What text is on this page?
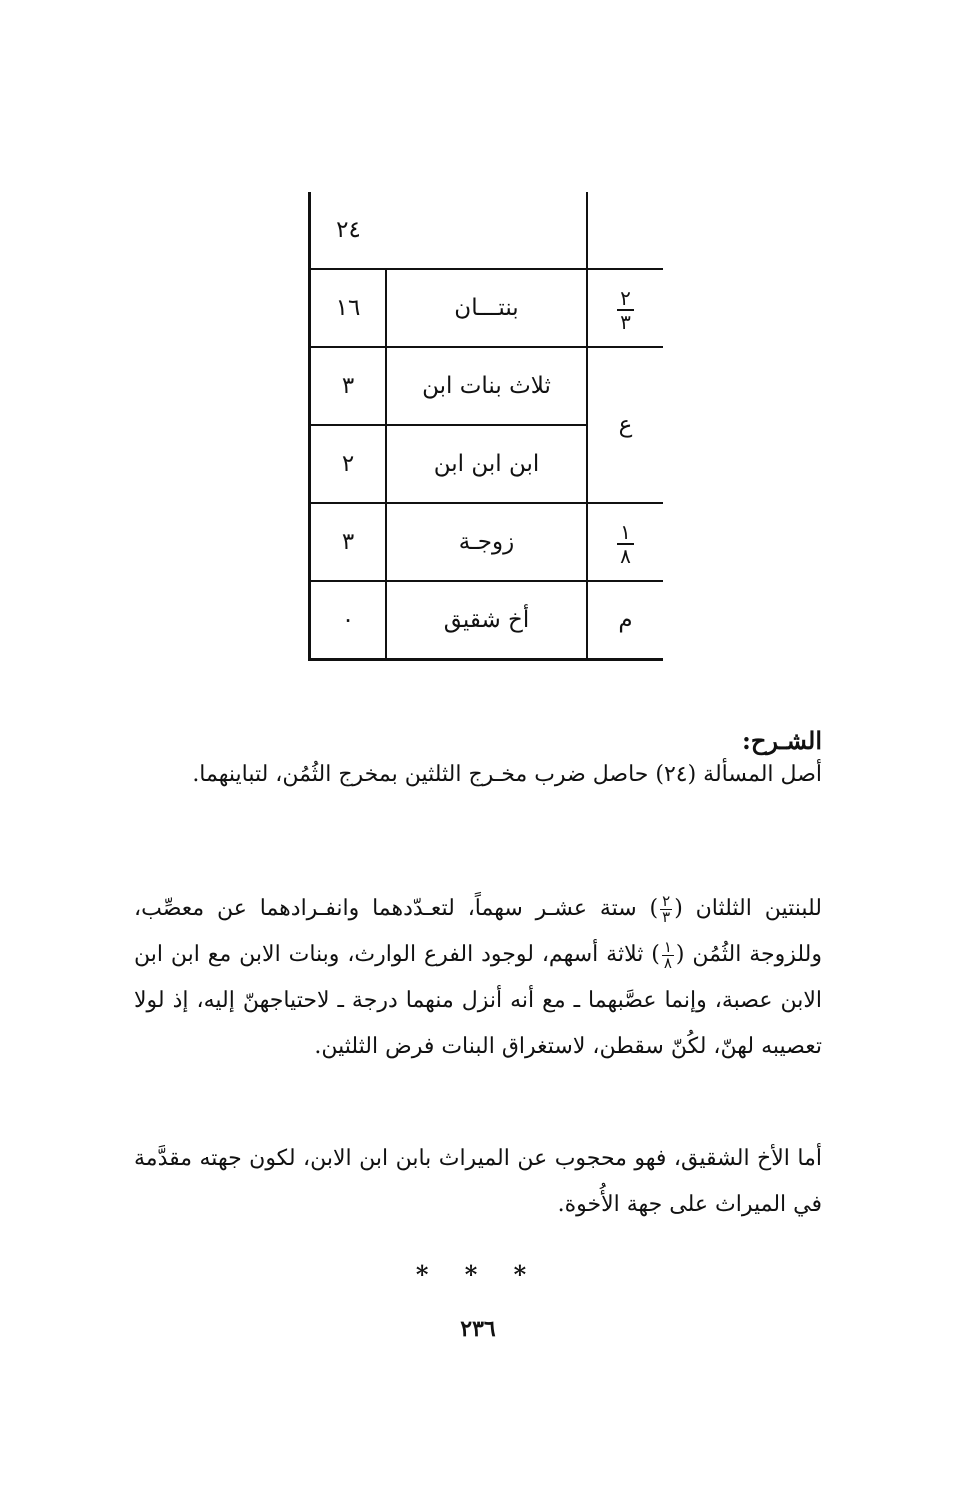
٢٤		
١٦	بنتـــان	$\frac{٢}{٣}$

٣	ثلاث بنات ابن	ع
٢	ابن ابن ابن	
٣	زوجـة	$\frac{١}{٨}$

٠	أخ شقيق	م
الشـرح:

أصل المسألة (٢٤) حاصل ضرب مخـرج الثلثين بمخرج الثُمُن، لتباينهما.

للبنتين الثلثان (
$\frac{٢}{٣}$
) ستة عشـر سهماً، لتعـدّدهما وانفـرادهما عن معصِّب، وللزوجة الثُمُن (
$\frac{١}{٨}$
) ثلاثة أسهم، لوجود الفرع الوارث، وبنات الابن مع ابن ابن الابن عصبة، وإنما عصَّبهما ـ مع أنه أنزل منهما درجة ـ لاحتياجهنّ إليه، إذ لولا تعصيبه لهنّ، لكُنّ سقطن، لاستغراق البنات فرض الثلثين.

أما الأخ الشقيق، فهو محجوب عن الميراث بابن ابن الابن، لكون جهته مقدَّمة في الميراث على جهة الأُخوة.

* * *
٢٣٦
